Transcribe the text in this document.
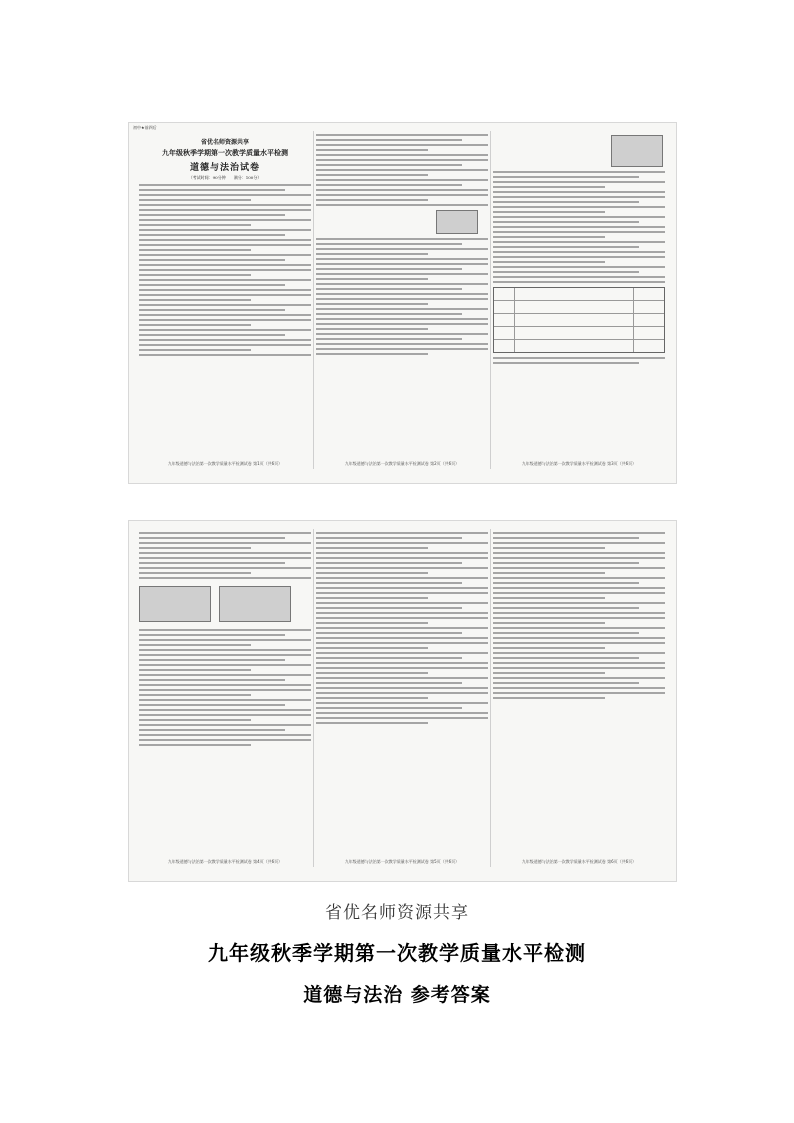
初中★前四后
省优名师资源共享
九年级秋季学期第一次教学质量水平检测
道德与法治试卷
（考试时间：90分钟　　满分：100分）
九年级道德与法治第一次教学质量水平检测试卷 第1页（共6页）	九年级道德与法治第一次教学质量水平检测试卷 第2页（共6页）	九年级道德与法治第一次教学质量水平检测试卷 第3页（共6页）
九年级道德与法治第一次教学质量水平检测试卷 第4页（共6页）	九年级道德与法治第一次教学质量水平检测试卷 第5页（共6页）	九年级道德与法治第一次教学质量水平检测试卷 第6页（共6页）
省优名师资源共享
九年级秋季学期第一次教学质量水平检测
道德与法治 参考答案
